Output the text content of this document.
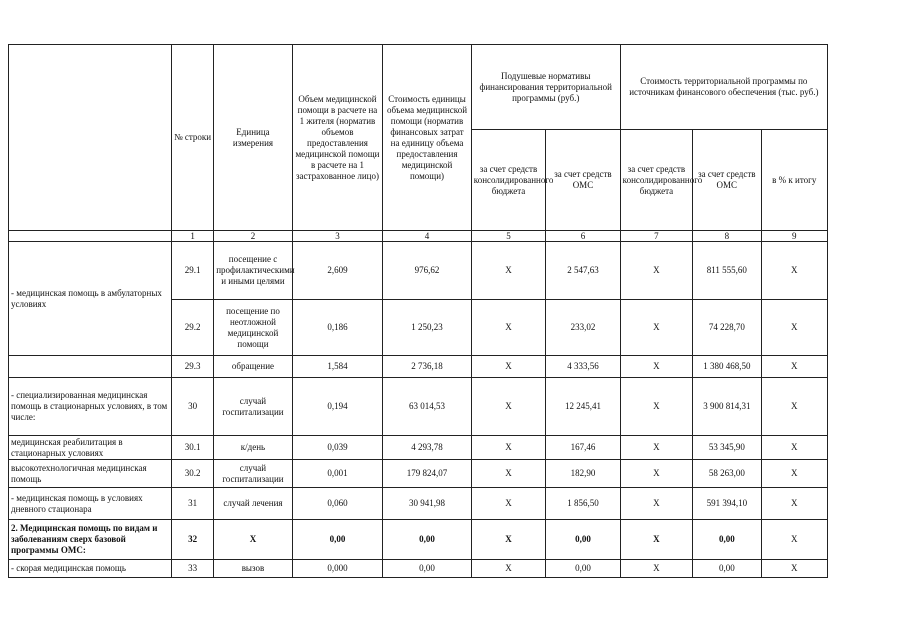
	№ строки	Единица измерения	Объем медицинской помощи в расчете на 1 жителя (норматив объемов предоставления медицинской помощи в расчете на 1 застрахованное лицо)	Стоимость единицы объема медицинской помощи (норматив финансовых затрат на единицу объема предоставления медицинской помощи)	Подушевые нормативы финансирования территориальной программы (руб.)		Стоимость территориальной программы по источникам финансового обеспечения (тыс. руб.)		
					за счет средств консолидированного бюджета	за счет средств ОМС	за счет средств консолидированного бюджета	за счет средств ОМС	в % к итогу
	1	2	3	4	5	6	7	8	9
- медицинская помощь в амбулаторных условиях	29.1	посещение с профилактическими и иными целями	2,609	976,62	X	2 547,63	X	811 555,60	X
	29.2	посещение по неотложной медицинской помощи	0,186	1 250,23	X	233,02	X	74 228,70	X
	29.3	обращение	1,584	2 736,18	X	4 333,56	X	1 380 468,50	X
- специализированная медицинская помощь в стационарных условиях, в том числе:	30	случай госпитализации	0,194	63 014,53	X	12 245,41	X	3 900 814,31	X
медицинская реабилитация в стационарных условиях	30.1	к/день	0,039	4 293,78	X	167,46	X	53 345,90	X
высокотехнологичная медицинская помощь	30.2	случай госпитализации	0,001	179 824,07	X	182,90	X	58 263,00	X
- медицинская помощь в условиях дневного стационара	31	случай лечения	0,060	30 941,98	X	1 856,50	X	591 394,10	X
2. Медицинская помощь по видам и заболеваниям сверх базовой программы ОМС:	32	X	0,00	0,00	X	0,00	X	0,00	X
- скорая медицинская помощь	33	вызов	0,000	0,00	X	0,00	X	0,00	X
